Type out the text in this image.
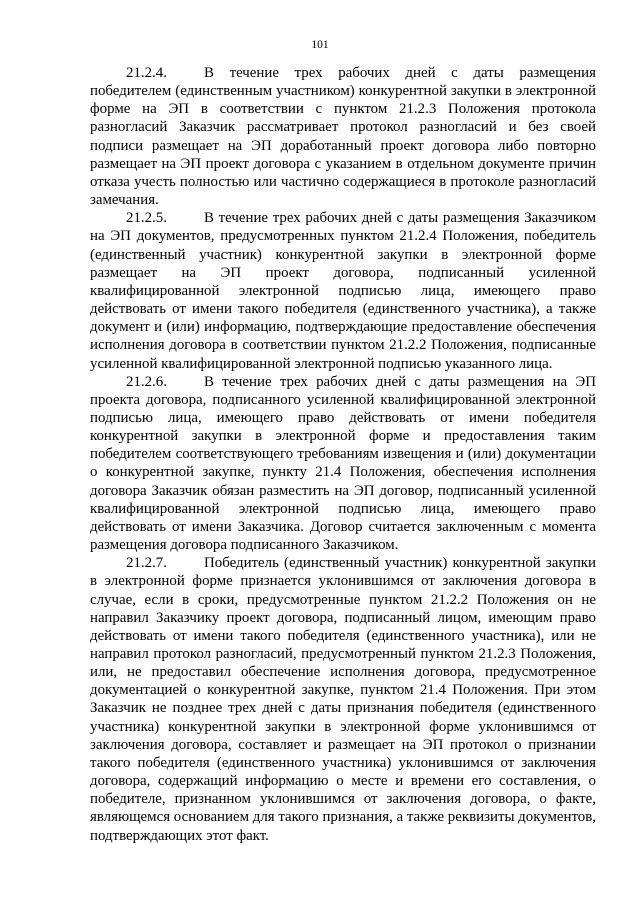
101

21.2.4. В течение трех рабочих дней с даты размещения победителем (единственным участником) конкурентной закупки в электронной форме на ЭП в соответствии с пунктом 21.2.3 Положения протокола разногласий Заказчик рассматривает протокол разногласий и без своей подписи размещает на ЭП доработанный проект договора либо повторно размещает на ЭП проект договора с указанием в отдельном документе причин отказа учесть полностью или частично содержащиеся в протоколе разногласий замечания.

21.2.5. В течение трех рабочих дней с даты размещения Заказчиком на ЭП документов, предусмотренных пунктом 21.2.4 Положения, победитель (единственный участник) конкурентной закупки в электронной форме размещает на ЭП проект договора, подписанный усиленной квалифицированной электронной подписью лица, имеющего право действовать от имени такого победителя (единственного участника), а также документ и (или) информацию, подтверждающие предоставление обеспечения исполнения договора в соответствии пунктом 21.2.2 Положения, подписанные усиленной квалифицированной электронной подписью указанного лица.

21.2.6. В течение трех рабочих дней с даты размещения на ЭП проекта договора, подписанного усиленной квалифицированной электронной подписью лица, имеющего право действовать от имени победителя конкурентной закупки в электронной форме и предоставления таким победителем соответствующего требованиям извещения и (или) документации о конкурентной закупке, пункту 21.4 Положения, обеспечения исполнения договора Заказчик обязан разместить на ЭП договор, подписанный усиленной квалифицированной электронной подписью лица, имеющего право действовать от имени Заказчика. Договор считается заключенным с момента размещения договора подписанного Заказчиком.

21.2.7. Победитель (единственный участник) конкурентной закупки в электронной форме признается уклонившимся от заключения договора в случае, если в сроки, предусмотренные пунктом 21.2.2 Положения он не направил Заказчику проект договора, подписанный лицом, имеющим право действовать от имени такого победителя (единственного участника), или не направил протокол разногласий, предусмотренный пунктом 21.2.3 Положения, или, не предоставил обеспечение исполнения договора, предусмотренное документацией о конкурентной закупке, пунктом 21.4 Положения. При этом Заказчик не позднее трех дней с даты признания победителя (единственного участника) конкурентной закупки в электронной форме уклонившимся от заключения договора, составляет и размещает на ЭП протокол о признании такого победителя (единственного участника) уклонившимся от заключения договора, содержащий информацию о месте и времени его составления, о победителе, признанном уклонившимся от заключения договора, о факте, являющемся основанием для такого признания, а также реквизиты документов, подтверждающих этот факт.
